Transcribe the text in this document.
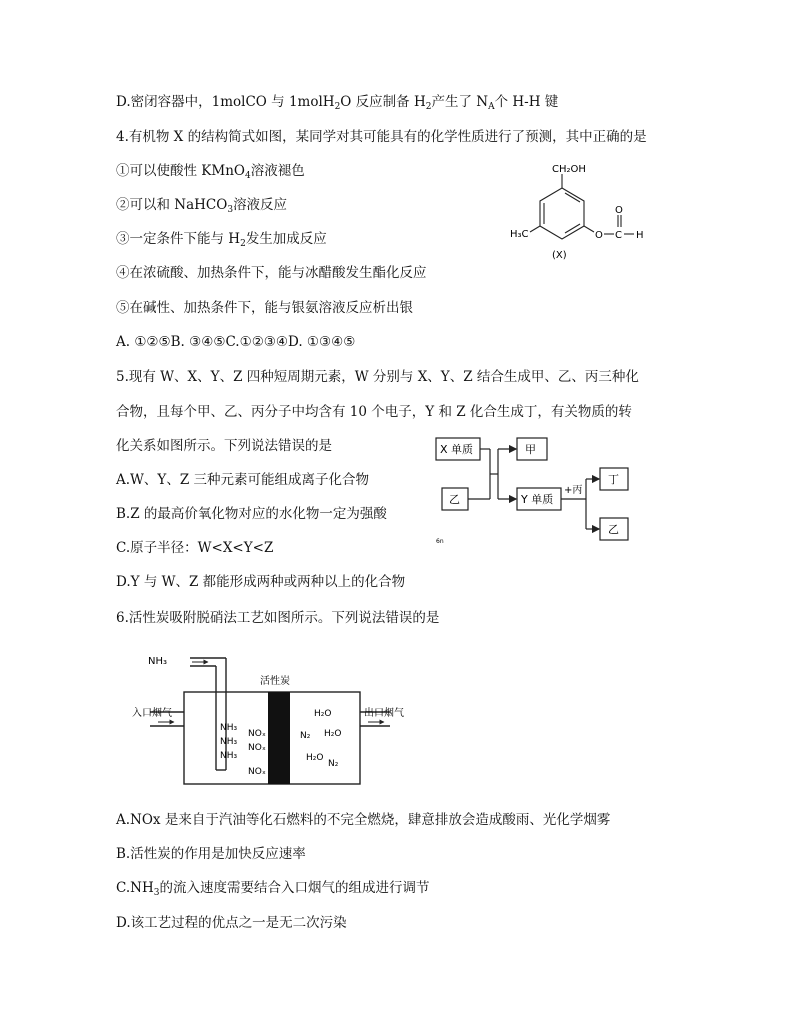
D.密闭容器中，1molCO 与 1molH$_2$O 反应制备 $H_2$产生了 $N_A$个 H-H 键
4.有机物 X 的结构简式如图，某同学对其可能具有的化学性质进行了预测，其中正确的是
①可以使酸性 KMnO$_4$溶液褪色
②可以和 NaHCO$_3$溶液反应
③一定条件下能与 $H_2$发生加成反应
④在浓硫酸、加热条件下，能与冰醋酸发生酯化反应
⑤在碱性、加热条件下，能与银氨溶液反应析出银
A. ①②⑤B. ③④⑤C.①②③④D. ①③④⑤
CH₂OH
H₃C	O C H
O
(X)
5.现有 W、X、Y、Z 四种短周期元素，W 分别与 X、Y、Z 结合生成甲、乙、丙三种化
合物，且每个甲、乙、丙分子中均含有 10 个电子，Y 和 Z 化合生成丁，有关物质的转
化关系如图所示。下列说法错误的是
A.W、Y、Z 三种元素可能组成离子化合物
B.Z 的最高价氧化物对应的水化物一定为强酸
C.原子半径：W<X<Y<Z
D.Y 与 W、Z 都能形成两种或两种以上的化合物
X 单质	甲
乙	Y 单质
+丙
丁
乙
6n
6.活性炭吸附脱硝法工艺如图所示。下列说法错误的是
NH₃
活性炭
入口烟气	出口烟气
NH₃
NH₃
NH₃
NOₓ
NOₓ
NOₓ
N₂
H₂O
H₂O
H₂O
N₂
A.NOx 是来自于汽油等化石燃料的不完全燃烧，肆意排放会造成酸雨、光化学烟雾
B.活性炭的作用是加快反应速率
$C.NH_3$的流入速度需要结合入口烟气的组成进行调节
D.该工艺过程的优点之一是无二次污染
